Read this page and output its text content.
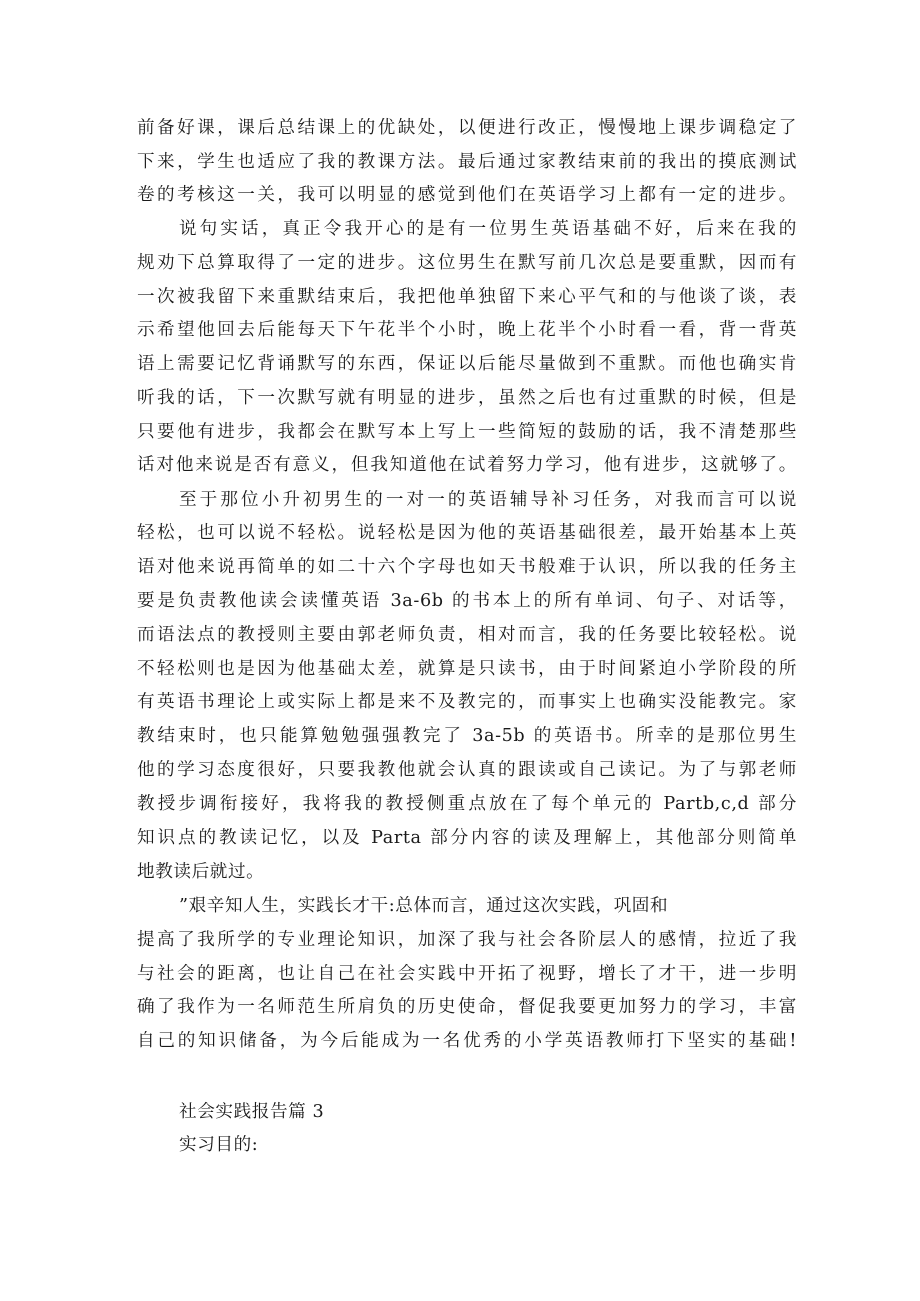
前备好课，课后总结课上的优缺处，以便进行改正，慢慢地上课步调稳定了

下来，学生也适应了我的教课方法。最后通过家教结束前的我出的摸底测试

卷的考核这一关，我可以明显的感觉到他们在英语学习上都有一定的进步。

说句实话，真正令我开心的是有一位男生英语基础不好，后来在我的

规劝下总算取得了一定的进步。这位男生在默写前几次总是要重默，因而有

一次被我留下来重默结束后，我把他单独留下来心平气和的与他谈了谈，表

示希望他回去后能每天下午花半个小时，晚上花半个小时看一看，背一背英

语上需要记忆背诵默写的东西，保证以后能尽量做到不重默。而他也确实肯

听我的话，下一次默写就有明显的进步，虽然之后也有过重默的时候，但是

只要他有进步，我都会在默写本上写上一些简短的鼓励的话，我不清楚那些

话对他来说是否有意义，但我知道他在试着努力学习，他有进步，这就够了。

至于那位小升初男生的一对一的英语辅导补习任务，对我而言可以说

轻松，也可以说不轻松。说轻松是因为他的英语基础很差，最开始基本上英

语对他来说再简单的如二十六个字母也如天书般难于认识，所以我的任务主

要是负责教他读会读懂英语 3a-6b 的书本上的所有单词、句子、对话等，

而语法点的教授则主要由郭老师负责，相对而言，我的任务要比较轻松。说

不轻松则也是因为他基础太差，就算是只读书，由于时间紧迫小学阶段的所

有英语书理论上或实际上都是来不及教完的，而事实上也确实没能教完。家

教结束时，也只能算勉勉强强教完了 3a-5b 的英语书。所幸的是那位男生

他的学习态度很好，只要我教他就会认真的跟读或自己读记。为了与郭老师

教授步调衔接好，我将我的教授侧重点放在了每个单元的 Partb,c,d 部分

知识点的教读记忆，以及 Parta 部分内容的读及理解上，其他部分则简单

地教读后就过。

”艰辛知人生，实践长才干:总体而言，通过这次实践，巩固和

提高了我所学的专业理论知识，加深了我与社会各阶层人的感情，拉近了我

与社会的距离，也让自己在社会实践中开拓了视野，增长了才干，进一步明

确了我作为一名师范生所肩负的历史使命，督促我要更加努力的学习，丰富

自己的知识储备，为今后能成为一名优秀的小学英语教师打下坚实的基础!

社会实践报告篇 3

实习目的:
